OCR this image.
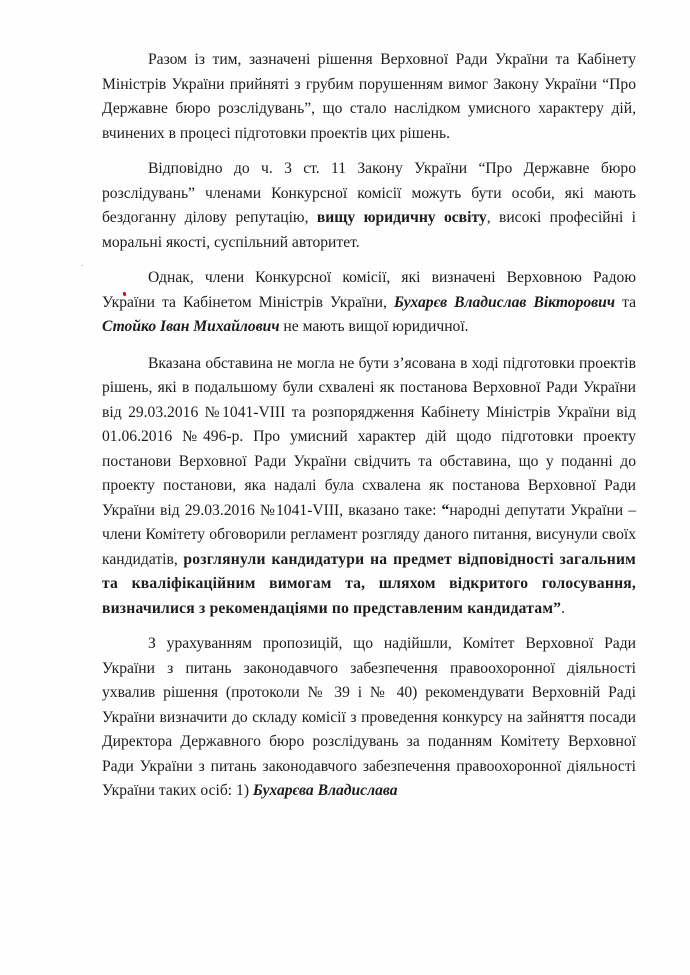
Разом із тим, зазначені рішення Верховної Ради України та Кабінету Міністрів України прийняті з грубим порушенням вимог Закону України “Про Державне бюро розслідувань”, що стало наслідком умисного характеру дій, вчинених в процесі підготовки проектів цих рішень.

Відповідно до ч. 3 ст. 11 Закону України “Про Державне бюро розслідувань” членами Конкурсної комісії можуть бути особи, які мають бездоганну ділову репутацію, вищу юридичну освіту, високі професійні і моральні якості, суспільний авторитет.

Однак, члени Конкурсної комісії, які визначені Верховною Радою України та Кабінетом Міністрів України, Бухарєв Владислав Вікторович та Стойко Іван Михайлович не мають вищої юридичної.

Вказана обставина не могла не бути з’ясована в ході підготовки проектів рішень, які в подальшому були схвалені як постанова Верховної Ради України від 29.03.2016 №1041-VIII та розпорядження Кабінету Міністрів України від 01.06.2016 №496-р. Про умисний характер дій щодо підготовки проекту постанови Верховної Ради України свідчить та обставина, що у поданні до проекту постанови, яка надалі була схвалена як постанова Верховної Ради України від 29.03.2016 №1041-VIII, вказано таке: “народні депутати України – члени Комітету обговорили регламент розгляду даного питання, висунули своїх кандидатів, розглянули кандидатури на предмет відповідності загальним та кваліфікаційним вимогам та, шляхом відкритого голосування, визначилися з рекомендаціями по представленим кандидатам”.

З урахуванням пропозицій, що надійшли, Комітет Верховної Ради України з питань законодавчого забезпечення правоохоронної діяльності ухвалив рішення (протоколи № 39 і № 40) рекомендувати Верховній Раді України визначити до складу комісії з проведення конкурсу на зайняття посади Директора Державного бюро розслідувань за поданням Комітету Верховної Ради України з питань законодавчого забезпечення правоохоронної діяльності України таких осіб: 1) Бухарєва Владислава
